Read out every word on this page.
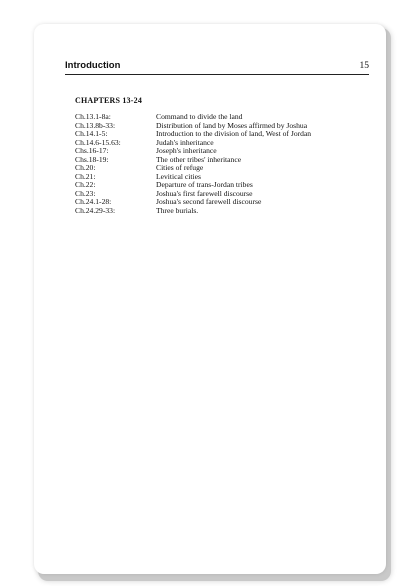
Introduction	15
CHAPTERS 13-24
Ch.13.1-8a:	Command to divide the land
Ch.13.8b-33:	Distribution of land by Moses affirmed by Joshua
Ch.14.1-5:	Introduction to the division of land, West of Jordan
Ch.14.6-15.63:	Judah's inheritance
Chs.16-17:	Joseph's inheritance
Chs.18-19:	The other tribes' inheritance
Ch.20:	Cities of refuge
Ch.21:	Levitical cities
Ch.22:	Departure of trans-Jordan tribes
Ch.23:	Joshua's first farewell discourse
Ch.24.1-28:	Joshua's second farewell discourse
Ch.24.29-33:	Three burials.
